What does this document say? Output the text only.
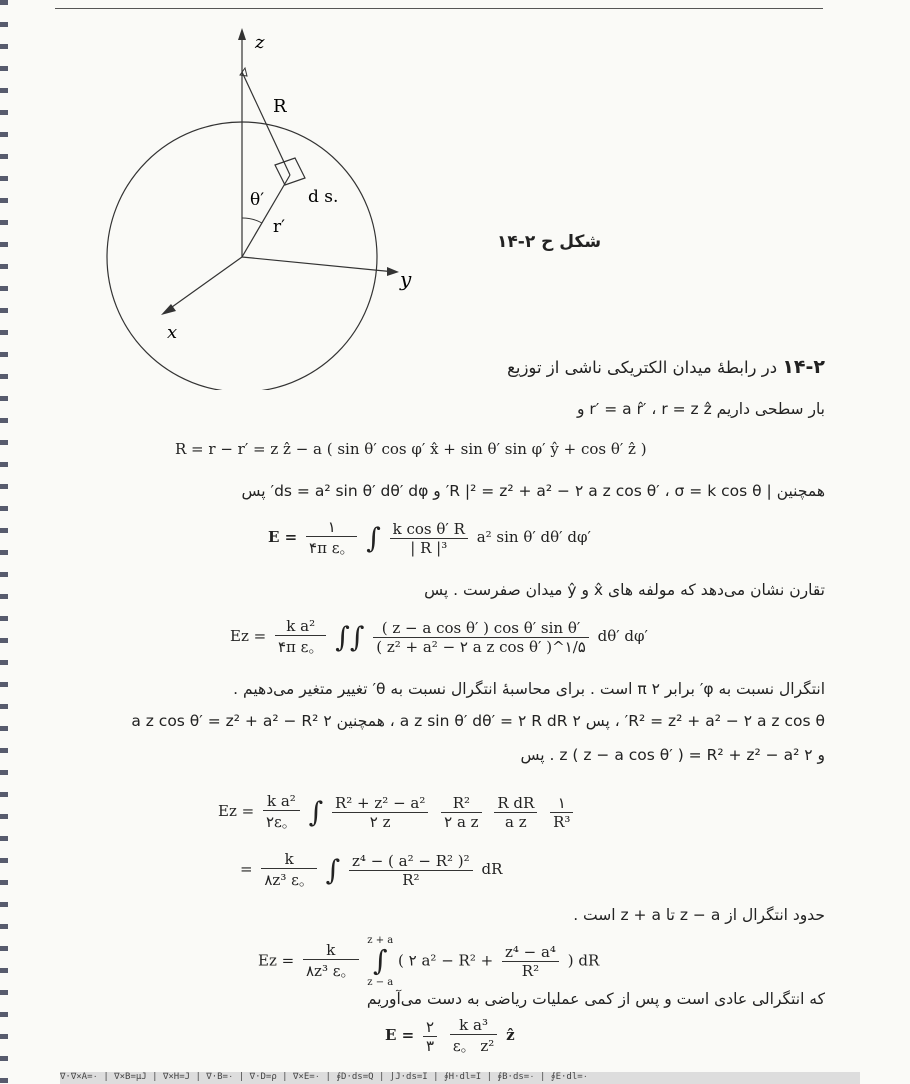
z
R
θ′
r′
d s.
y
x
شکل ح ۲-۱۴
۱۴-۲ در رابطهٔ میدان الکتریکی ناشی از توزیع
بار سطحی داریم r′ = a r̂′ ، r = z ẑ و
R = r − r′ = z ẑ − a ( sin θ′ cos φ′ x̂ + sin θ′ sin φ′ ŷ + cos θ′ ẑ )
همچنین | R |² = z² + a² − ۲ a z cos θ′ ، σ = k cos θ′ و ds = a² sin θ′ dθ′ dφ′ پس
$E = \frac{۱}{\text{۴π ε。}}$ ∫ $\frac{\text{k cos θ′ R}}{\text{| R |³}} a^2$ sin θ′ dθ′ dφ′
تقارن نشان می‌دهد که مولفه های x̂ و ŷ میدان صفرست . پس
$Ez = \frac{\text{k a²}}{\text{۴π ε。}}$ ∫∫ $\frac{\text{( z − a cos θ′ ) cos θ′ sin θ′}}{\text{( z² + a² − ۲ a z cos θ′ )\textasciicircum{}۱/۵}} d\theta'$ dφ′
انتگرال نسبت به φ′ برابر ۲ π است . برای محاسبهٔ انتگرال نسبت به θ′ تغییر متغیر می‌دهیم .
R² = z² + a² − ۲ a z cos θ′ ، پس ۲ a z sin θ′ dθ′ = ۲ R dR ، همچنین ۲ a z cos θ′ = z² + a² − R²
و ۲ z ( z − a cos θ′ ) = R² + z² − a² . پس
$Ez = \frac{\text{k a²}}{۲\varepsilon。}$ ∫ $\frac{\text{R² + z² − a²}}{۲ z}$
$\frac{\text{R²}}{\text{۲ a z}}$
$\frac{\text{R dR}}{\text{a z}}$
$\frac{۱}{\text{R³}}$
= $\frac{k}{\text{۸z³ ε。}}$ ∫ $\frac{\text{z⁴ − ( a² − R² )²}}{\text{R²}}$ dR
حدود انتگرال از z − a تا z + a است .
$Ez = \frac{k}{\text{۸z³ ε。}}$

z + a
∫
z − a
( ۲ $a^2 - R^2 + \frac{\text{z⁴ − a⁴}}{\text{R²}}$ ) dR
که انتگرالی عادی است و پس از کمی عملیات ریاضی به دست می‌آوریم
$E = \frac{۲}{۳}$
$\frac{\text{k a³}}{\text{ε。 z²}}$ ẑ
∇·∇×A=۰ | ∇×B=μJ | ∇×H=J | ∇·B=۰ | ∇·D=ρ | ∇×E=۰ | ∮D·ds=Q | ∫J·ds=I | ∮H·dl=I | ∮B·ds=۰ | ∮E·dl=۰
